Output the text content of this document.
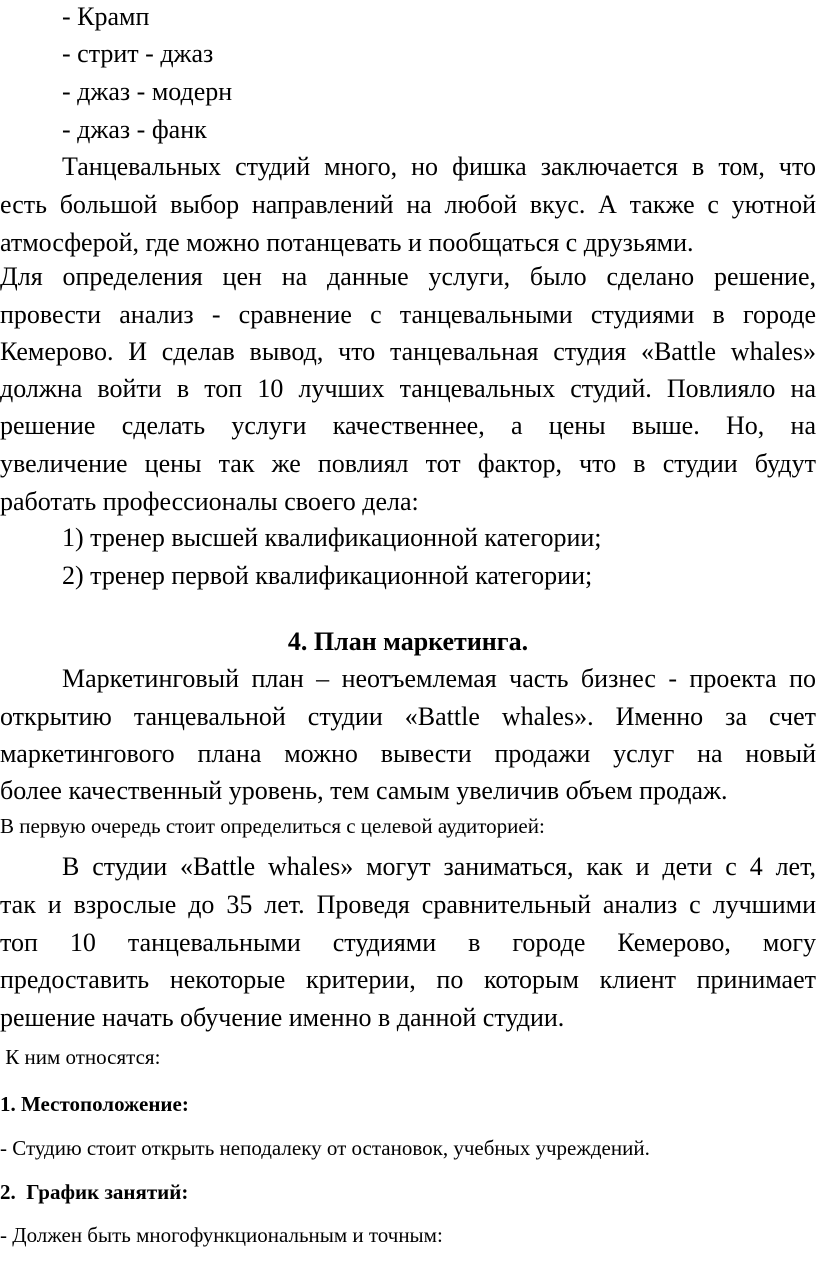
- Крамп

- стрит - джаз

- джаз - модерн

- джаз - фанк

Танцевальных студий много, но фишка заключается в том, что

есть большой выбор направлений на любой вкус. А также с уютной

атмосферой, где можно потанцевать и пообщаться с друзьями.

Для определения цен на данные услуги, было сделано решение,

провести анализ - сравнение с танцевальными студиями в городе

Кемерово. И сделав вывод, что танцевальная студия «Battle whales»

должна войти в топ 10 лучших танцевальных студий. Повлияло на

решение сделать услуги качественнее, а цены выше. Но, на

увеличение цены так же повлиял тот фактор, что в студии будут

работать профессионалы своего дела:

1) тренер высшей квалификационной категории;

2) тренер первой квалификационной категории;

4. План маркетинга.

Маркетинговый план – неотъемлемая часть бизнес - проекта по

открытию танцевальной студии «Battle whales». Именно за счет

маркетингового плана можно вывести продажи услуг на новый

более качественный уровень, тем самым увеличив объем продаж.

В первую очередь стоит определиться с целевой аудиторией:

В студии «Battle whales» могут заниматься, как и дети с 4 лет,

так и взрослые до 35 лет. Проведя сравнительный анализ с лучшими

топ 10 танцевальными студиями в городе Кемерово, могу

предоставить некоторые критерии, по которым клиент принимает

решение начать обучение именно в данной студии.

К ним относятся:

1. Местоположение:

- Студию стоит открыть неподалеку от остановок, учебных учреждений.

2.  График занятий:

- Должен быть многофункциональным и точным:
